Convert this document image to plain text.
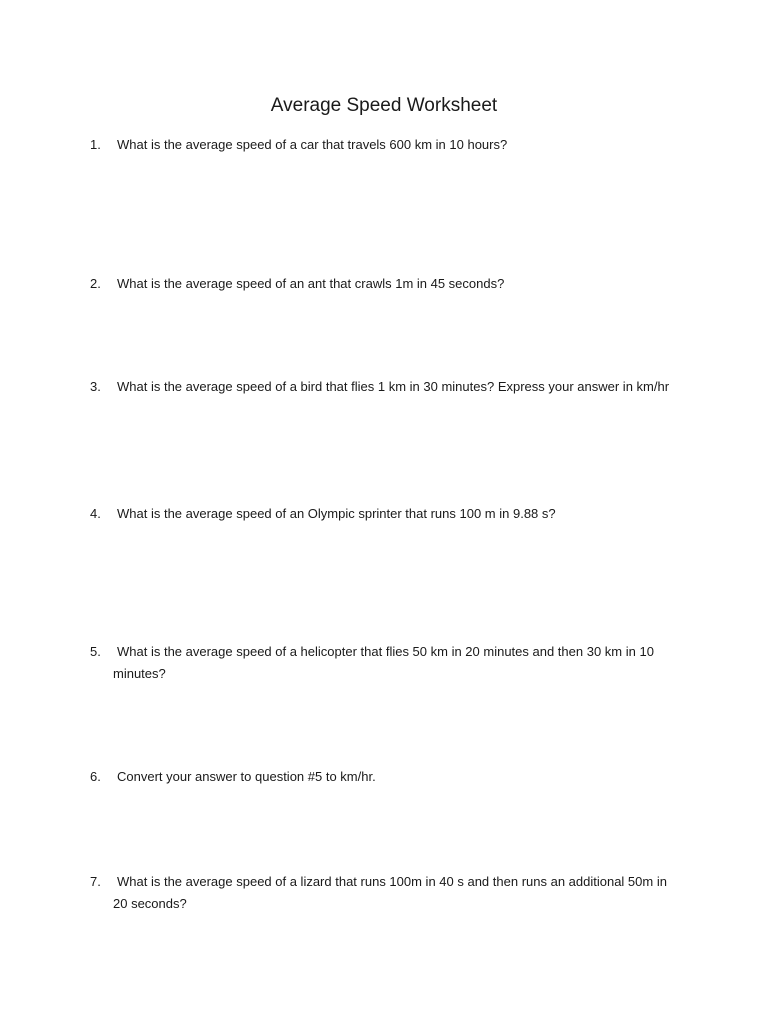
Average Speed Worksheet
1.	What is the average speed of a car that travels 600 km in 10 hours?
2.	What is the average speed of an ant that crawls 1m in 45 seconds?
3.	What is the average speed of a bird that flies 1 km in 30 minutes? Express your answer in km/hr
4.	What is the average speed of an Olympic sprinter that runs 100 m in 9.88 s?
5.	What is the average speed of a helicopter that flies 50 km in 20 minutes and then 30 km in 10 minutes?
6.	Convert your answer to question #5 to km/hr.
7.	What is the average speed of a lizard that runs 100m in 40 s and then runs an additional 50m in 20 seconds?
